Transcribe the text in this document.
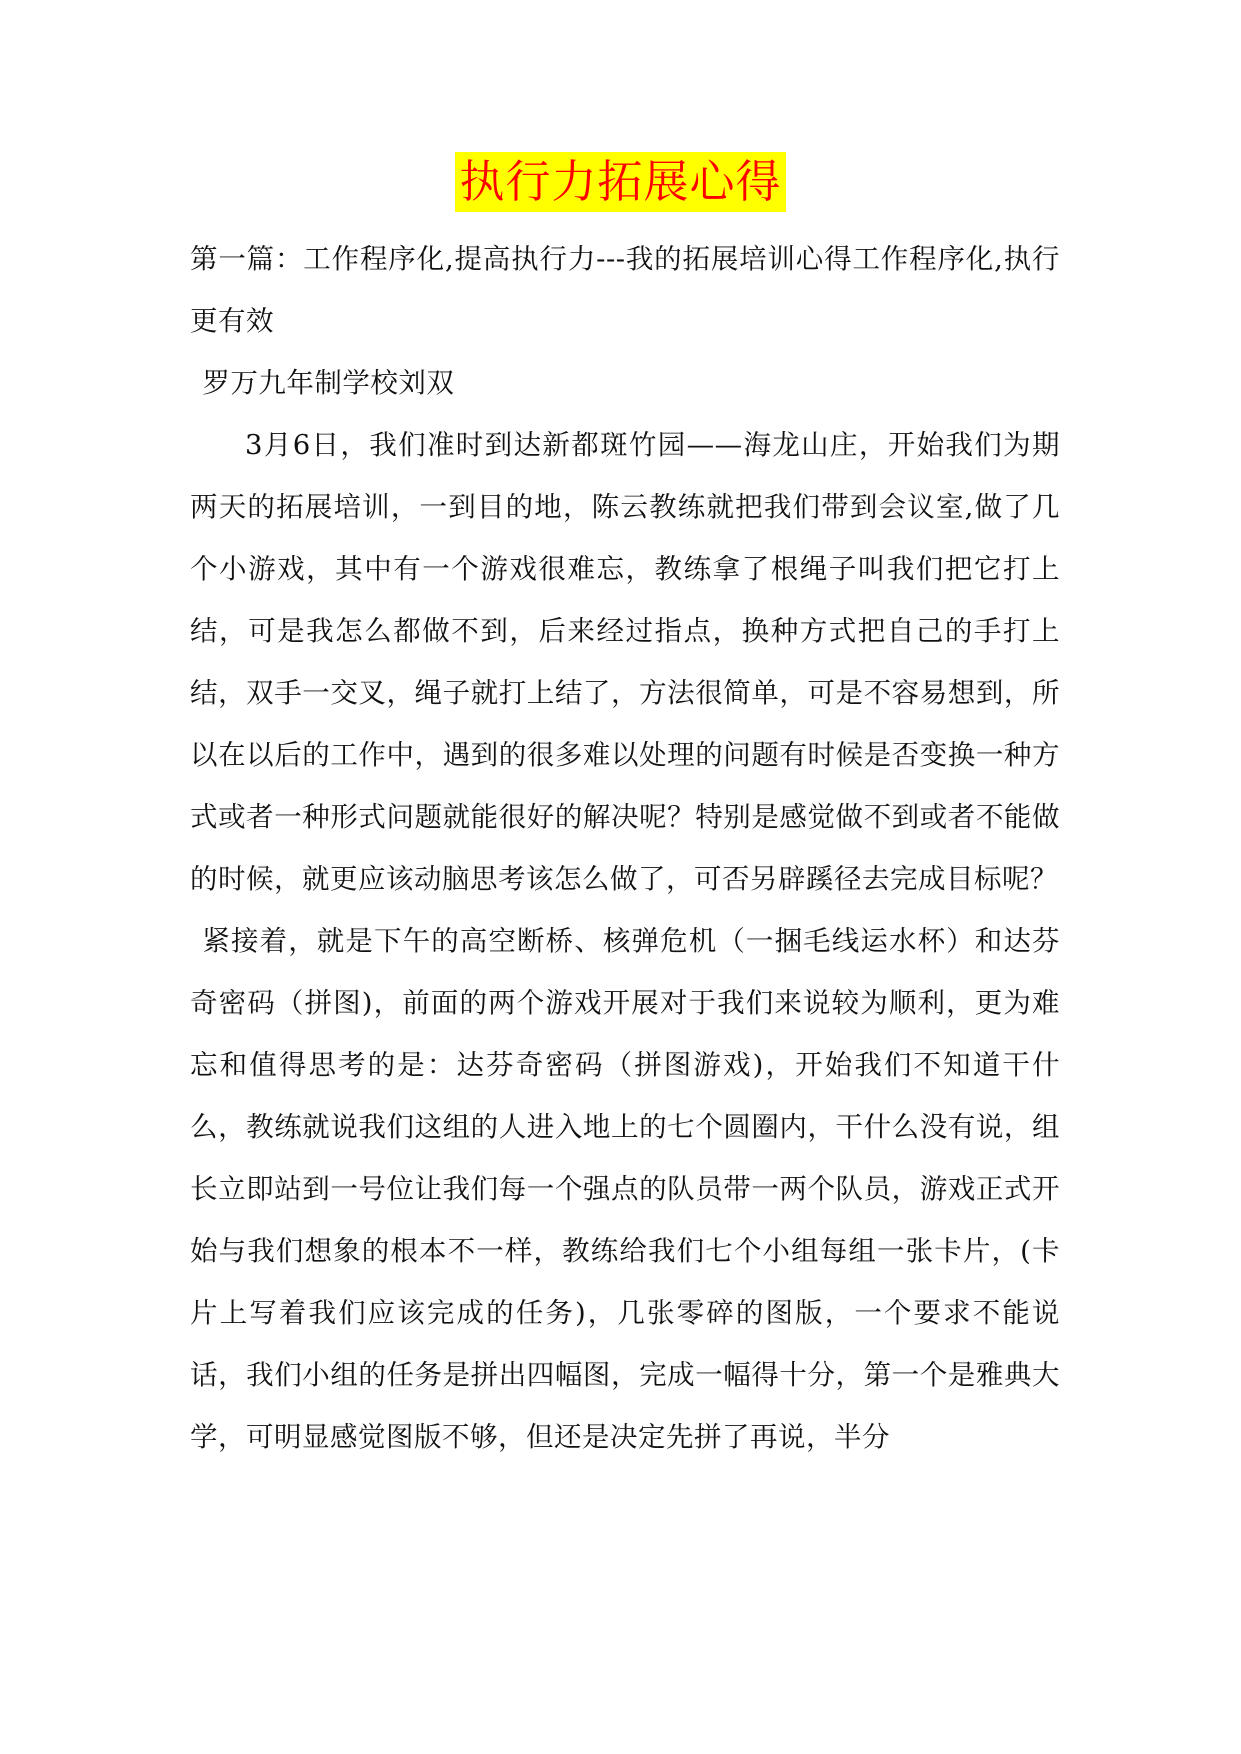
执行力拓展心得

第一篇：工作程序化,提高执行力---我的拓展培训心得工作程序化,执行更有效

罗万九年制学校刘双

3月6日，我们准时到达新都斑竹园——海龙山庄，开始我们为期两天的拓展培训，一到目的地，陈云教练就把我们带到会议室,做了几个小游戏，其中有一个游戏很难忘，教练拿了根绳子叫我们把它打上结，可是我怎么都做不到，后来经过指点，换种方式把自己的手打上结，双手一交叉，绳子就打上结了，方法很简单，可是不容易想到，所以在以后的工作中，遇到的很多难以处理的问题有时候是否变换一种方式或者一种形式问题就能很好的解决呢？特别是感觉做不到或者不能做的时候，就更应该动脑思考该怎么做了，可否另辟蹊径去完成目标呢？

紧接着，就是下午的高空断桥、核弹危机（一捆毛线运水杯）和达芬奇密码（拼图)，前面的两个游戏开展对于我们来说较为顺利，更为难忘和值得思考的是：达芬奇密码（拼图游戏)，开始我们不知道干什么，教练就说我们这组的人进入地上的七个圆圈内，干什么没有说，组长立即站到一号位让我们每一个强点的队员带一两个队员，游戏正式开始与我们想象的根本不一样，教练给我们七个小组每组一张卡片，(卡片上写着我们应该完成的任务)，几张零碎的图版，一个要求不能说话，我们小组的任务是拼出四幅图，完成一幅得十分，第一个是雅典大学，可明显感觉图版不够，但还是决定先拼了再说，半分
